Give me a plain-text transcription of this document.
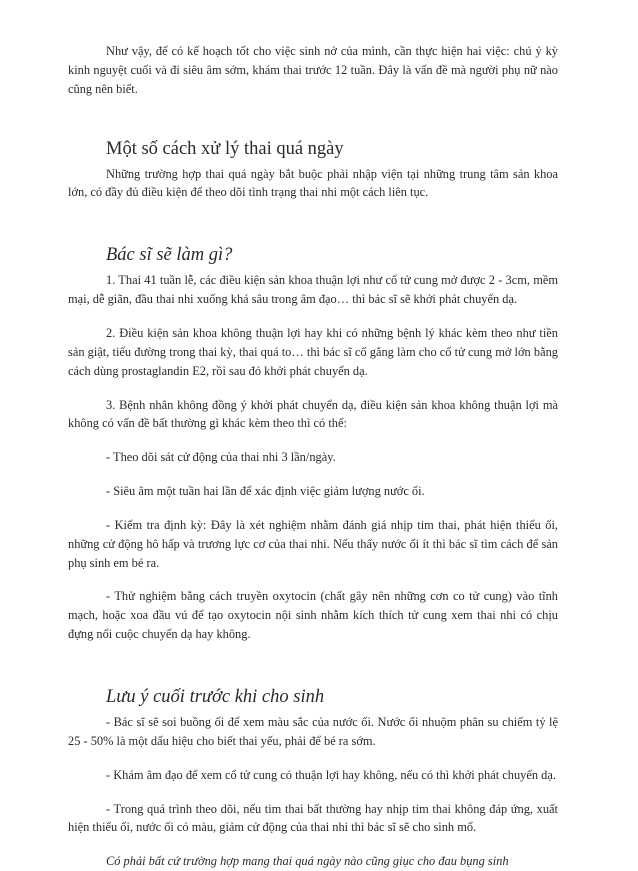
Như vậy, để có kế hoạch tốt cho việc sinh nở của mình, cần thực hiện hai việc: chú ý kỳ kinh nguyệt cuối và đi siêu âm sớm, khám thai trước 12 tuần. Đây là vấn đề mà người phụ nữ nào cũng nên biết.

Một số cách xử lý thai quá ngày

Những trường hợp thai quá ngày bắt buộc phải nhập viện tại những trung tâm sản khoa lớn, có đầy đủ điều kiện để theo dõi tình trạng thai nhi một cách liên tục.

Bác sĩ sẽ làm gì?

1. Thai 41 tuần lễ, các điều kiện sản khoa thuận lợi như cổ tử cung mở được 2 - 3cm, mềm mại, dễ giãn, đầu thai nhi xuống khá sâu trong âm đạo… thì bác sĩ sẽ khởi phát chuyển dạ.

2. Điều kiện sản khoa không thuận lợi hay khi có những bệnh lý khác kèm theo như tiền sản giật, tiểu đường trong thai kỳ, thai quá to… thì bác sĩ cố gắng làm cho cổ tử cung mở lớn bằng cách dùng prostaglandin E2, rồi sau đó khởi phát chuyển dạ.

3. Bệnh nhân không đồng ý khởi phát chuyển dạ, điều kiện sản khoa không thuận lợi mà không có vấn đề bất thường gì khác kèm theo thì có thể:

- Theo dõi sát cử động của thai nhi 3 lần/ngày.

- Siêu âm một tuần hai lần để xác định việc giảm lượng nước ối.

- Kiểm tra định kỳ: Đây là xét nghiệm nhằm đánh giá nhịp tim thai, phát hiện thiểu ối, những cử động hô hấp và trương lực cơ của thai nhi. Nếu thấy nước ối ít thì bác sĩ tìm cách để sản phụ sinh em bé ra.

- Thử nghiệm bằng cách truyền oxytocin (chất gây nên những cơn co tử cung) vào tĩnh mạch, hoặc xoa đầu vú để tạo oxytocin nội sinh nhằm kích thích tử cung xem thai nhi có chịu đựng nổi cuộc chuyển dạ hay không.

Lưu ý cuối trước khi cho sinh

- Bác sĩ sẽ soi buồng ối để xem màu sắc của nước ối. Nước ối nhuộm phân su chiếm tỷ lệ 25 - 50% là một dấu hiệu cho biết thai yếu, phải để bé ra sớm.

- Khám âm đạo để xem cổ tử cung có thuận lợi hay không, nếu có thì khởi phát chuyển dạ.

- Trong quá trình theo dõi, nếu tim thai bất thường hay nhịp tim thai không đáp ứng, xuất hiện thiểu ối, nước ối có màu, giảm cử động của thai nhi thì bác sĩ sẽ cho sinh mổ.

Có phải bất cứ trường hợp mang thai quá ngày nào cũng giục cho đau bụng sinh
